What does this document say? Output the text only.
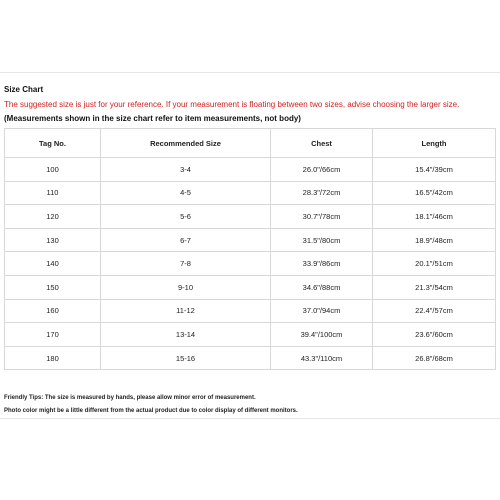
Size Chart
The suggested size is just for your reference. If your measurement is floating between two sizes, advise choosing the larger size.
(Measurements shown in the size chart refer to item measurements, not body)
Tag No.	Recommended Size	Chest	Length
100	3-4	26.0"/66cm	15.4"/39cm
110	4-5	28.3"/72cm	16.5"/42cm
120	5-6	30.7"/78cm	18.1"/46cm
130	6-7	31.5"/80cm	18.9"/48cm
140	7-8	33.9"/86cm	20.1"/51cm
150	9-10	34.6"/88cm	21.3"/54cm
160	11-12	37.0"/94cm	22.4"/57cm
170	13-14	39.4"/100cm	23.6"/60cm
180	15-16	43.3"/110cm	26.8"/68cm
Friendly Tips: The size is measured by hands, please allow minor error of measurement.
Photo color might be a little different from the actual product due to color display of different monitors.
